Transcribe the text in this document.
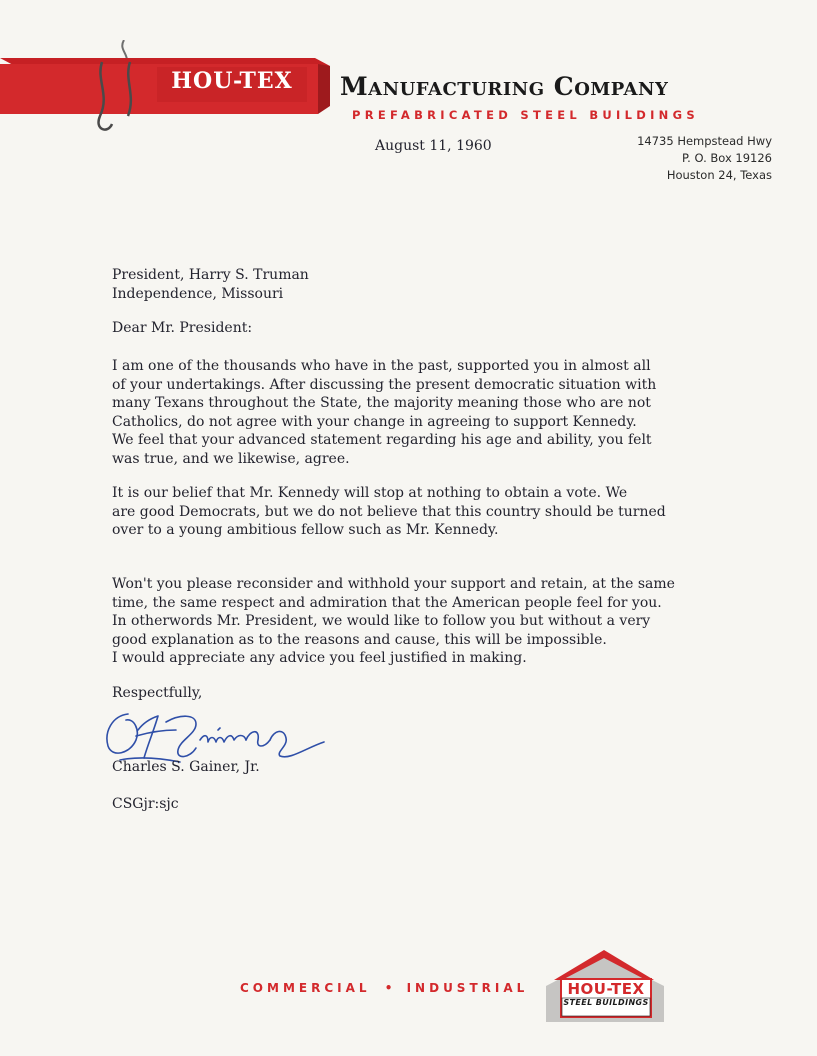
HOU-TEX	Manufacturing Company
PREFABRICATED STEEL BUILDINGS
14735 Hempstead Hwy
P. O. Box 19126
Houston 24, Texas
August 11, 1960
President, Harry S. Truman
Independence, Missouri
Dear Mr. President:
I am one of the thousands who have in the past, supported you in almost all
of your undertakings. After discussing the present democratic situation with
many Texans throughout the State, the majority meaning those who are not
Catholics, do not agree with your change in agreeing to support Kennedy.
We feel that your advanced statement regarding his age and ability, you felt
was true, and we likewise, agree.
It is our belief that Mr. Kennedy will stop at nothing to obtain a vote. We
are good Democrats, but we do not believe that this country should be turned
over to a young ambitious fellow such as Mr. Kennedy.
Won't you please reconsider and withhold your support and retain, at the same
time, the same respect and admiration that the American people feel for you.
In otherwords Mr. President, we would like to follow you but without a very
good explanation as to the reasons and cause, this will be impossible.
I would appreciate any advice you feel justified in making.
Respectfully,
Charles S. Gainer, Jr.
CSGjr:sjc
COMMERCIAL • INDUSTRIAL	HOU-TEX
STEEL BUILDINGS
